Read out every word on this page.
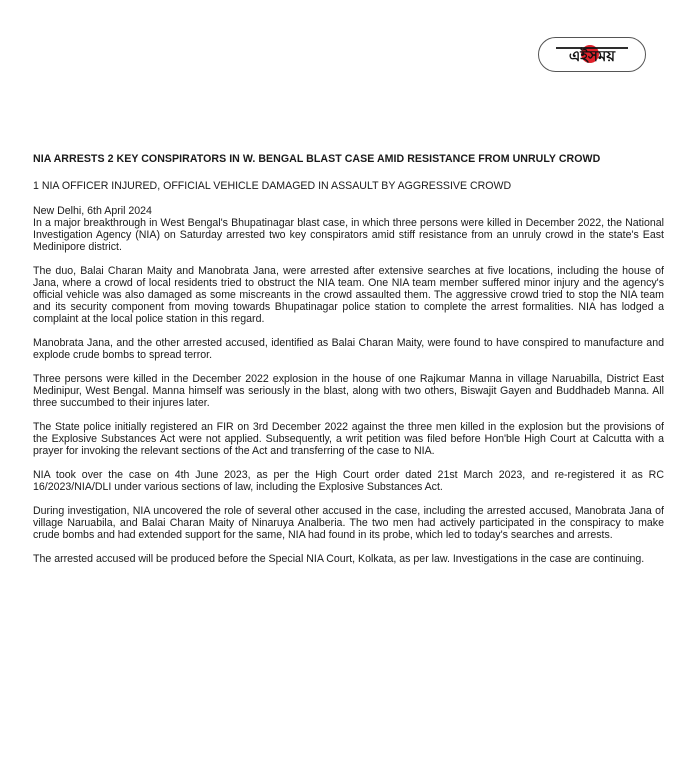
এইসময়
NIA ARRESTS 2 KEY CONSPIRATORS IN W. BENGAL BLAST CASE AMID RESISTANCE FROM UNRULY CROWD
1 NIA OFFICER INJURED, OFFICIAL VEHICLE DAMAGED IN ASSAULT BY AGGRESSIVE CROWD
New Delhi, 6th April 2024
In a major breakthrough in West Bengal's Bhupatinagar blast case, in which three persons were killed in December 2022, the National Investigation Agency (NIA) on Saturday arrested two key conspirators amid stiff resistance from an unruly crowd in the state's East Medinipore district.
The duo, Balai Charan Maity and Manobrata Jana, were arrested after extensive searches at five locations, including the house of Jana, where a crowd of local residents tried to obstruct the NIA team. One NIA team member suffered minor injury and the agency's official vehicle was also damaged as some miscreants in the crowd assaulted them. The aggressive crowd tried to stop the NIA team and its security component from moving towards Bhupatinagar police station to complete the arrest formalities. NIA has lodged a complaint at the local police station in this regard.
Manobrata Jana, and the other arrested accused, identified as Balai Charan Maity, were found to have conspired to manufacture and explode crude bombs to spread terror.
Three persons were killed in the December 2022 explosion in the house of one Rajkumar Manna in village Naruabilla, District East Medinipur, West Bengal. Manna himself was seriously in the blast, along with two others, Biswajit Gayen and Buddhadeb Manna. All three succumbed to their injures later.
The State police initially registered an FIR on 3rd December 2022 against the three men killed in the explosion but the provisions of the Explosive Substances Act were not applied. Subsequently, a writ petition was filed before Hon'ble High Court at Calcutta with a prayer for invoking the relevant sections of the Act and transferring of the case to NIA.
NIA took over the case on 4th June 2023, as per the High Court order dated 21st March 2023, and re-registered it as RC 16/2023/NIA/DLI under various sections of law, including the Explosive Substances Act.
During investigation, NIA uncovered the role of several other accused in the case, including the arrested accused, Manobrata Jana of village Naruabila, and Balai Charan Maity of Ninaruya Analberia. The two men had actively participated in the conspiracy to make crude bombs and had extended support for the same, NIA had found in its probe, which led to today's searches and arrests.
The arrested accused will be produced before the Special NIA Court, Kolkata, as per law. Investigations in the case are continuing.
